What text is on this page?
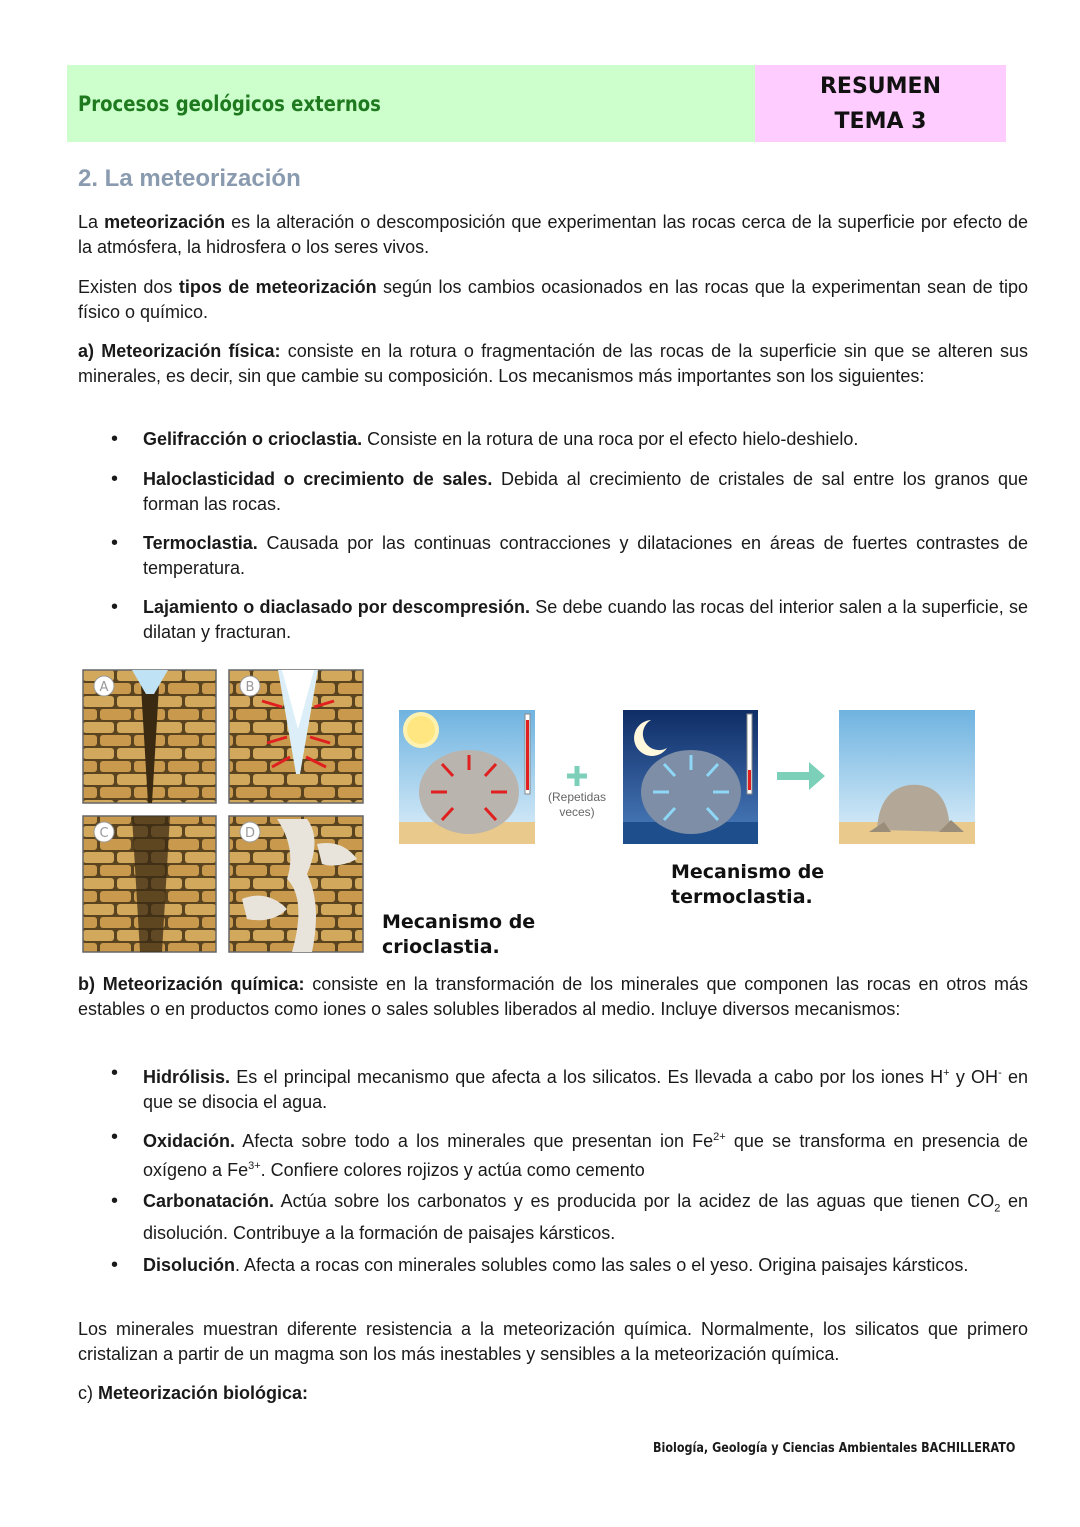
Procesos geológicos externos
RESUMEN
TEMA 3
2. La meteorización

La meteorización es la alteración o descomposición que experimentan las rocas cerca de la superficie por efecto de la atmósfera, la hidrosfera o los seres vivos.

Existen dos tipos de meteorización según los cambios ocasionados en las rocas que la experimentan sean de tipo físico o químico.

a) Meteorización física: consiste en la rotura o fragmentación de las rocas de la superficie sin que se alteren sus minerales, es decir, sin que cambie su composición. Los mecanismos más importantes son los siguientes:

• Gelifracción o crioclastia. Consiste en la rotura de una roca por el efecto hielo-deshielo.

• Haloclasticidad o crecimiento de sales. Debida al crecimiento de cristales de sal entre los granos que forman las rocas.

• Termoclastia. Causada por las continuas contracciones y dilataciones en áreas de fuertes contrastes de temperatura.

• Lajamiento o diaclasado por descompresión. Se debe cuando las rocas del interior salen a la superficie, se dilatan y fracturan.

A	B
C	D
(Repetidas
veces)
Mecanismo de
termoclastia.
Mecanismo de
crioclastia.

b) Meteorización química: consiste en la transformación de los minerales que componen las rocas en otros más estables o en productos como iones o sales solubles liberados al medio. Incluye diversos mecanismos:

• Hidrólisis. Es el principal mecanismo que afecta a los silicatos. Es llevada a cabo por los iones H+ y OH- en que se disocia el agua.

• Oxidación. Afecta sobre todo a los minerales que presentan ion $Fe^{2+}$ que se transforma en presencia de oxígeno a $Fe^{3+}$. Confiere colores rojizos y actúa como cemento

• Carbonatación. Actúa sobre los carbonatos y es producida por la acidez de las aguas que tienen $CO_2$ en disolución. Contribuye a la formación de paisajes kársticos.

• Disolución. Afecta a rocas con minerales solubles como las sales o el yeso. Origina paisajes kársticos.

Los minerales muestran diferente resistencia a la meteorización química. Normalmente, los silicatos que primero cristalizan a partir de un magma son los más inestables y sensibles a la meteorización química.

c) Meteorización biológica:

Biología, Geología y Ciencias Ambientales BACHILLERATO
